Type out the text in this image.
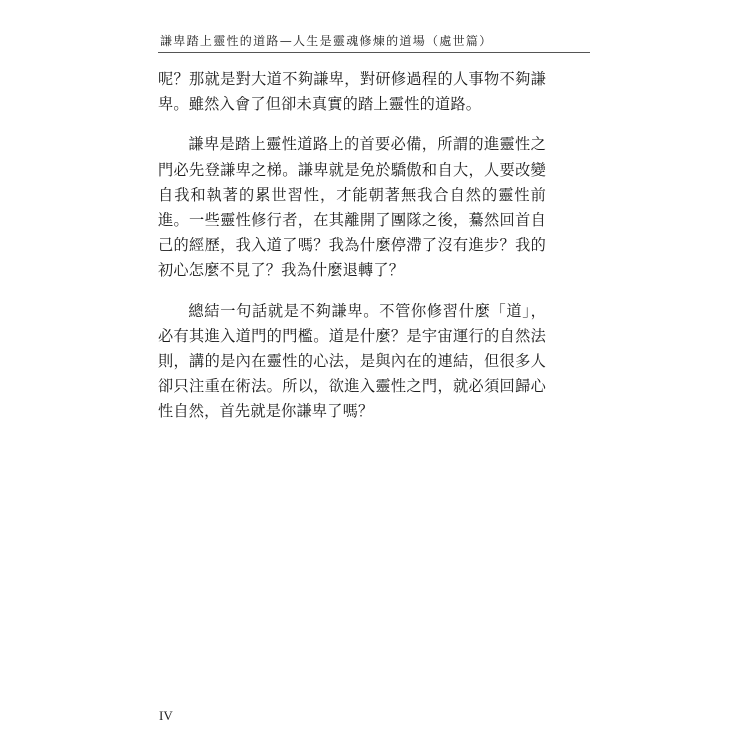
謙卑踏上靈性的道路—人生是靈魂修煉的道場（處世篇）

呢？那就是對大道不夠謙卑，對研修過程的人事物不夠謙卑。雖然入會了但卻未真實的踏上靈性的道路。

謙卑是踏上靈性道路上的首要必備，所謂的進靈性之門必先登謙卑之梯。謙卑就是免於驕傲和自大，人要改變自我和執著的累世習性，才能朝著無我合自然的靈性前進。一些靈性修行者，在其離開了團隊之後，驀然回首自己的經歷，我入道了嗎？我為什麼停滯了沒有進步？我的初心怎麼不見了？我為什麼退轉了？

總結一句話就是不夠謙卑。不管你修習什麼「道」，必有其進入道門的門檻。道是什麼？是宇宙運行的自然法則，講的是內在靈性的心法，是與內在的連結，但很多人卻只注重在術法。所以，欲進入靈性之門，就必須回歸心性自然，首先就是你謙卑了嗎？

IV
